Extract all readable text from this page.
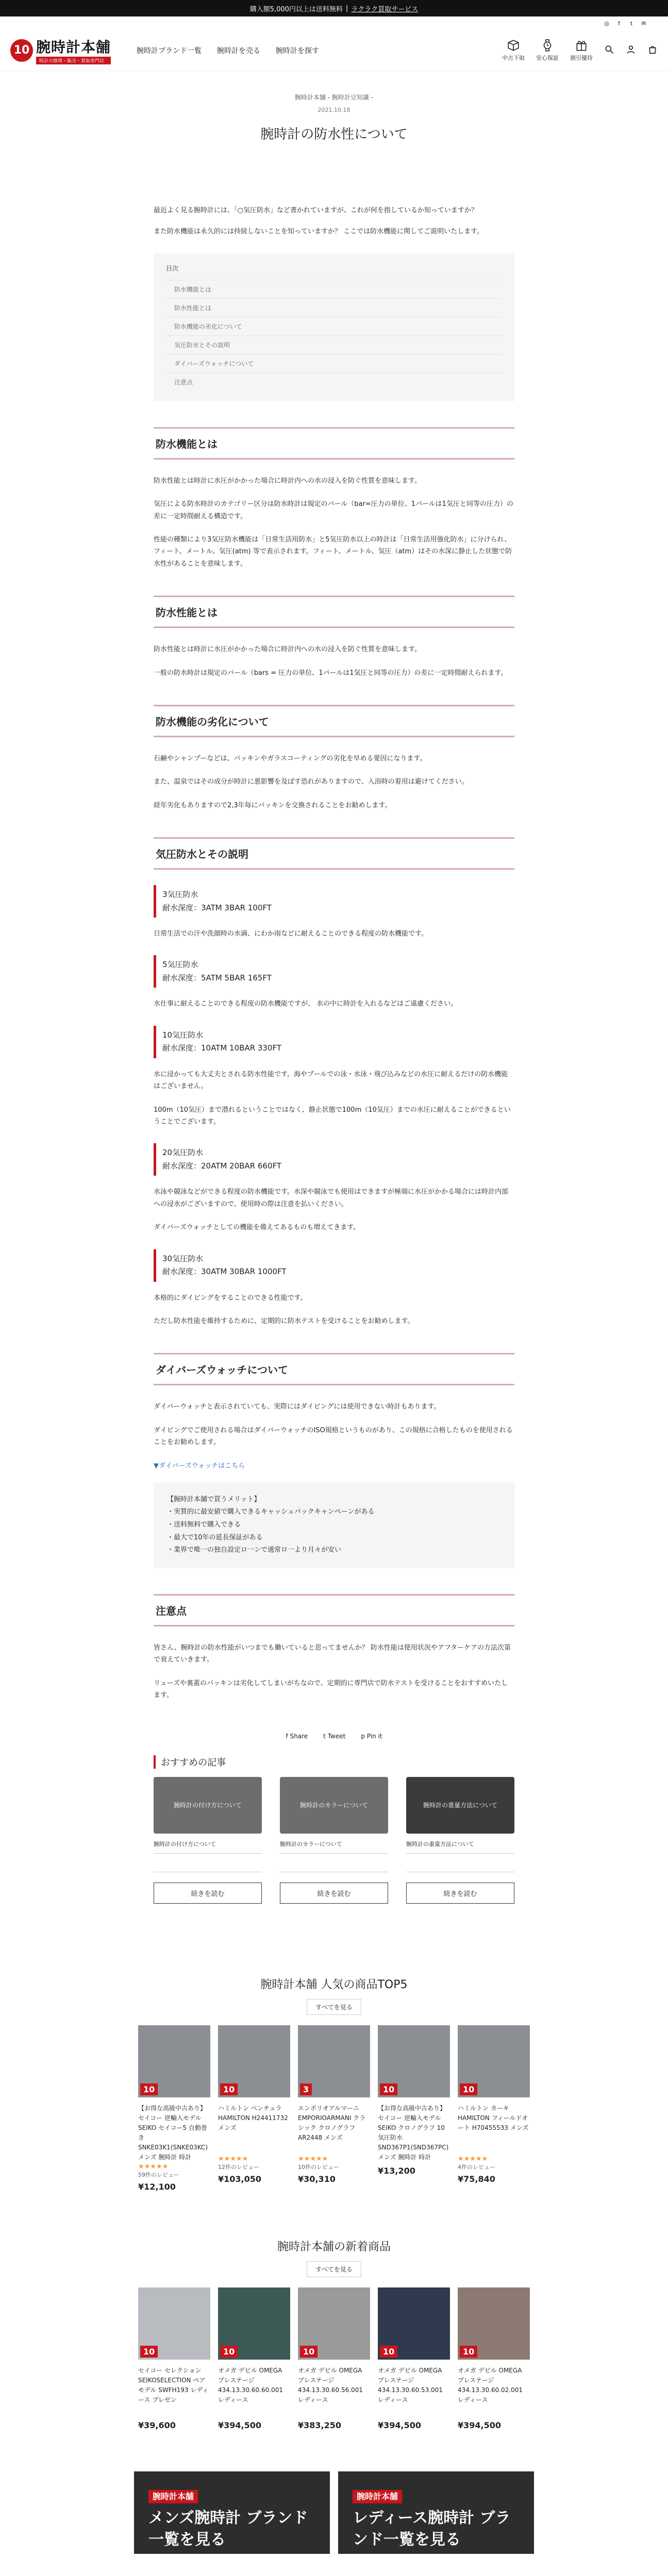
購入額5,000円以上は送料無料 | ラクラク買取サービス
◎	f	t	✉
10 腕時計本舗
時計の修理・販売・買取専門店
腕時計ブランド一覧 腕時計を売る 腕時計を探す
中古下取 安心保証 割引優待
腕時計本舗 - 腕時計豆知識 -
2021.10.18
腕時計の防水性について

最近よく見る腕時計には、「○気圧防水」など書かれていますが、これが何を指しているか知っていますか？

また防水機能は永久的には持続しないことを知っていますか？ ここでは防水機能に関してご説明いたします。

目次
防水機能とは
防水性能とは
防水機能の劣化について
気圧防水とその説明
ダイバーズウォッチについて
注意点
防水機能とは

防水性能とは時計に水圧がかかった場合に時計内への水の浸入を防ぐ性質を意味します。

気圧による防水時計のカテゴリー区分は防水時計は規定のバール（bar=圧力の単位、1バールは1気圧と同等の圧力）の差に一定時間耐える構造です。

性能の種類により3気圧防水機能は「日常生活用防水」と5気圧防水以上の時計は「日常生活用強化防水」に分けられ、フィート、メートル、気圧(atm) 等で表示されます。フィート、メートル、気圧（atm）はその水深に静止した状態で防水性があることを意味します。

防水性能とは

防水性能とは時計に水圧がかかった場合に時計内への水の浸入を防ぐ性質を意味します。

一般の防水時計は規定のバール（bars = 圧力の単位、1バールは1気圧と同等の圧力）の差に一定時間耐えられます。

防水機能の劣化について

石鹸やシャンプーなどは、パッキンやガラスコーティングの劣化を早める要因になります。

また、温泉ではその成分が時計に悪影響を及ぼす恐れがありますので、入浴時の着用は避けてください。

経年劣化もありますので2,3年毎にパッキンを交換されることをお勧めします。

気圧防水とその説明
3気圧防水
耐水深度：3ATM 3BAR 100FT

日常生活での汗や洗顔時の水滴、にわか雨などに耐えることのできる程度の防水機能です。

5気圧防水
耐水深度：5ATM 5BAR 165FT

水仕事に耐えることのできる程度の防水機能ですが、 水の中に時計を入れるなどはご遠慮ください。

10気圧防水
耐水深度：10ATM 10BAR 330FT

水に浸かっても大丈夫とされる防水性能です。海やプールでの泳・水泳・飛び込みなどの水圧に耐えるだけの防水機能はございません。

100m（10気圧）まで潜れるということではなく、静止状態で100m（10気圧）までの水圧に耐えることができるということでございます。

20気圧防水
耐水深度：20ATM 20BAR 660FT

水泳や競泳などができる程度の防水機能です。水深や競泳でも使用はできますが極端に水圧がかかる場合には時計内部への浸水がございますので、使用時の際は注意を払いください。

ダイバーズウォッチとしての機能を備えてあるものも増えてきます。

30気圧防水
耐水深度：30ATM 30BAR 1000FT

本格的にダイビングをすることのできる性能です。

ただし防水性能を維持するために、定期的に防水テストを受けることをお勧めします。

ダイバーズウォッチについて

ダイバーウォッチと表示されていても、実際にはダイビングには使用できない時計もあります。

ダイビングでご使用される場合はダイバーウォッチのISO規格というものがあり、この規格に合格したものを使用されることをお勧めします。

▼ダイバーズウォッチはこちら
【腕時計本舗で買うメリット】
・実質的に最安値で購入できるキャッシュバックキャンペーンがある
・送料無料で購入できる
・最大で10年の延長保証がある
・業界で唯一の独自設定ロ一ンで通常ロ一より月々が安い
注意点

皆さん、腕時計の防水性能がいつまでも働いていると思ってませんか？ 防水性能は使用状況やアフターケアの方法次第で衰えていきます。

リューズや裏蓋のパッキンは劣化してしまいがちなので、定期的に専門店で防水テストを受けることをおすすめいたします。

f Share	t Tweet	p Pin it
おすすめの記事
腕時計の付け方について
腕時計の付け方について
続きを読む
腕時計のカラーについて
腕時計のカラーについて
続きを読む
腕時計の重量方法について
腕時計の重量方法について
続きを読む
腕時計本舗 人気の商品TOP5
すべてを見る
10
【お得な高級中古あり】セイコー 逆輸入モデル SEIKO セイコー5 自動巻き SNKE03K1(SNKE03KC) メンズ 腕時計 時計
★★★★★
59件のレビュー
¥12,100
10
ハミルトン ベンチュラ HAMILTON H24411732 メンズ
★★★★★
12件のレビュー
¥103,050
3
エンポリオアルマーニ EMPORIOARMANI クラシック クロノグラフ AR2448 メンズ
★★★★★
10件のレビュー
¥30,310
10
【お得な高級中古あり】セイコー 逆輸入モデル SEIKO クロノグラフ 10気圧防水 SND367P1(SND367PC) メンズ 腕時計 時計
¥13,200
10
ハミルトン カーキ HAMILTON フィールドオート H70455533 メンズ
★★★★★
4件のレビュー
¥75,840
腕時計本舗の新着商品
すべてを見る
10
セイコー セレクション SEIKOSELECTION ペアモデル SWFH193 レディース プレゼン
¥39,600
10
オメガ デビル OMEGA プレステージ 434.13.30.60.60.001 レディース
¥394,500
10
オメガ デビル OMEGA プレステージ 434.13.30.60.56.001 レディース
¥383,250
10
オメガ デビル OMEGA プレステージ 434.13.30.60.53.001 レディース
¥394,500
10
オメガ デビル OMEGA プレステージ 434.13.30.60.02.001 レディース
¥394,500
腕時計本舗
メンズ腕時計 ブランド一覧を見る
腕時計本舗
レディース腕時計 ブランド一覧を見る
